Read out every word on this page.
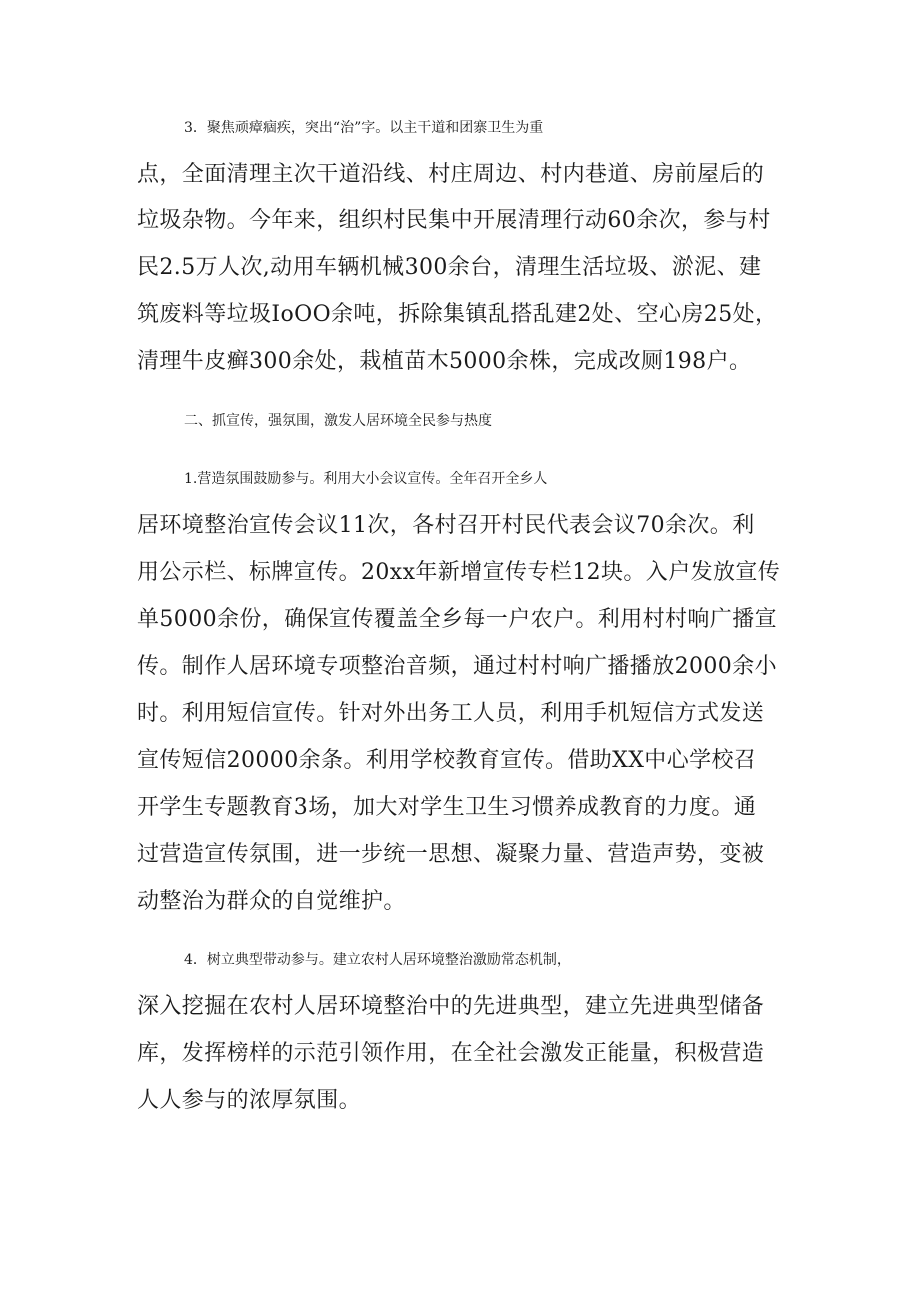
3．聚焦顽瘴痼疾，突出“治”字。以主干道和团寨卫生为重
点，全面清理主次干道沿线、村庄周边、村内巷道、房前屋后的
垃圾杂物。今年来，组织村民集中开展清理行动60余次，参与村
民2.5万人次,动用车辆机械300余台，清理生活垃圾、淤泥、建
筑废料等垃圾IoOO余吨，拆除集镇乱搭乱建2处、空心房25处，
清理牛皮癣300余处，栽植苗木5000余株，完成改厕198户。
二、抓宣传，强氛围，激发人居环境全民参与热度
1.营造氛围鼓励参与。利用大小会议宣传。全年召开全乡人
居环境整治宣传会议11次，各村召开村民代表会议70余次。利
用公示栏、标牌宣传。20xx年新增宣传专栏12块。入户发放宣传
单5000余份，确保宣传覆盖全乡每一户农户。利用村村响广播宣
传。制作人居环境专项整治音频，通过村村响广播播放2000余小
时。利用短信宣传。针对外出务工人员，利用手机短信方式发送
宣传短信20000余条。利用学校教育宣传。借助XX中心学校召
开学生专题教育3场，加大对学生卫生习惯养成教育的力度。通
过营造宣传氛围，进一步统一思想、凝聚力量、营造声势，变被
动整治为群众的自觉维护。
4．树立典型带动参与。建立农村人居环境整治激励常态机制，
深入挖掘在农村人居环境整治中的先进典型，建立先进典型储备
库，发挥榜样的示范引领作用，在全社会激发正能量，积极营造
人人参与的浓厚氛围。
